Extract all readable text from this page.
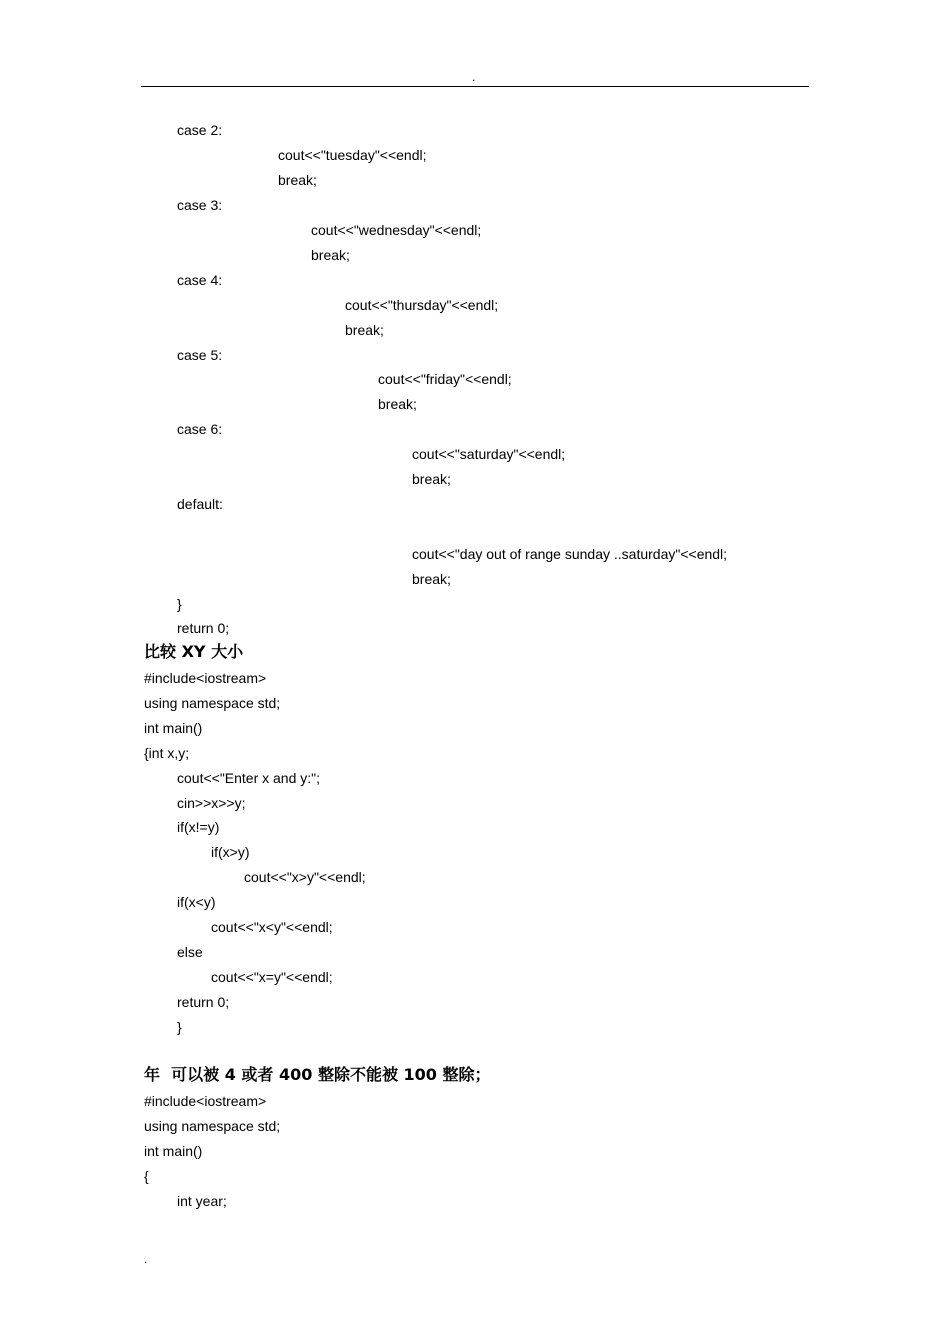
.
case 2:
cout<<"tuesday"<<endl;
break;
case 3:
cout<<"wednesday"<<endl;
break;
case 4:
cout<<"thursday"<<endl;
break;
case 5:
cout<<"friday"<<endl;
break;
case 6:
cout<<"saturday"<<endl;
break;
default:
cout<<"day out of range sunday ..saturday"<<endl;
break;
}
return 0;
比较 XY 大小
#include<iostream>
using namespace std;
int main()
{int x,y;
cout<<"Enter x and y:";
cin>>x>>y;
if(x!=y)
if(x>y)
cout<<"x>y"<<endl;
if(x<y)
cout<<"x<y"<<endl;
else
cout<<"x=y"<<endl;
return 0;
}
年  可以被 4 或者 400 整除不能被 100 整除；
#include<iostream>
using namespace std;
int main()
{
int year;
.
